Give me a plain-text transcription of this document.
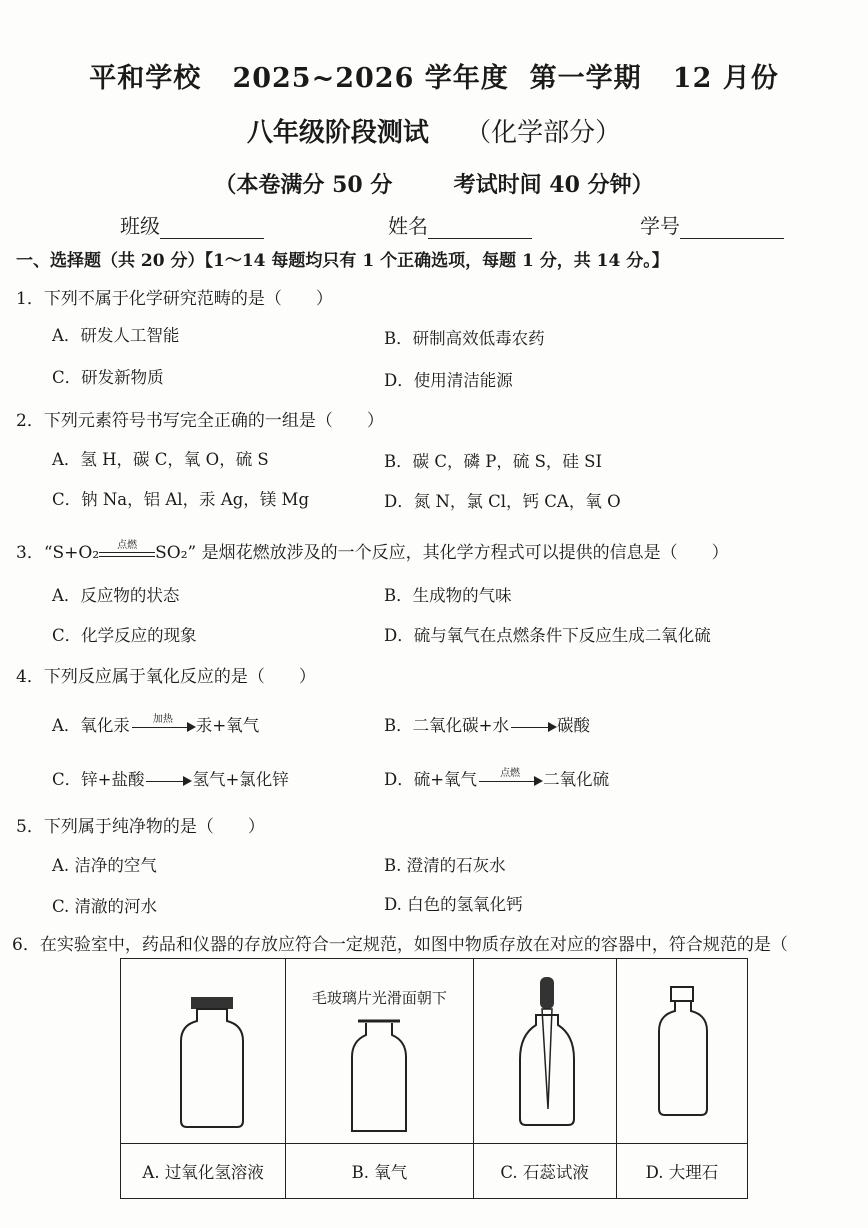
平和学校 2025~2026 学年度 第一学期 12 月份
八年级阶段测试 （化学部分）
（本卷满分 50 分	考试时间 40 分钟）
班级	姓名	学号
一、选择题（共 20 分）【1～14 每题均只有 1 个正确选项，每题 1 分，共 14 分。】
1．下列不属于化学研究范畴的是（　　）
A．研发人工智能	B．研制高效低毒农药
C．研发新物质	D．使用清洁能源
2．下列元素符号书写完全正确的一组是（　　）
A．氢 H，碳 C，氧 O，硫 S	B．碳 C，磷 P，硫 S，硅 SI
C．钠 Na，铝 Al，汞 Ag，镁 Mg	D．氮 N，氯 Cl，钙 CA，氧 O
3．“S+O₂	点燃	SO₂” 是烟花燃放涉及的一个反应，其化学方程式可以提供的信息是（　　）
A．反应物的状态	B．生成物的气味
C．化学反应的现象	D．硫与氧气在点燃条件下反应生成二氧化硫
4．下列反应属于氧化反应的是（　　）
A．氧化汞	加热	汞+氧气	B．二氧化碳+水	碳酸
C．锌+盐酸	氢气+氯化锌	D．硫+氧气	点燃	二氧化硫
5．下列属于纯净物的是（　　）
A. 洁净的空气	B. 澄清的石灰水
C. 清澈的河水	D. 白色的氢氧化钙
6．在实验室中，药品和仪器的存放应符合一定规范，如图中物质存放在对应的容器中，符合规范的是（

毛玻璃片光滑面朝下

A. 过氧化氢溶液	B. 氧气	C. 石蕊试液	D. 大理石
